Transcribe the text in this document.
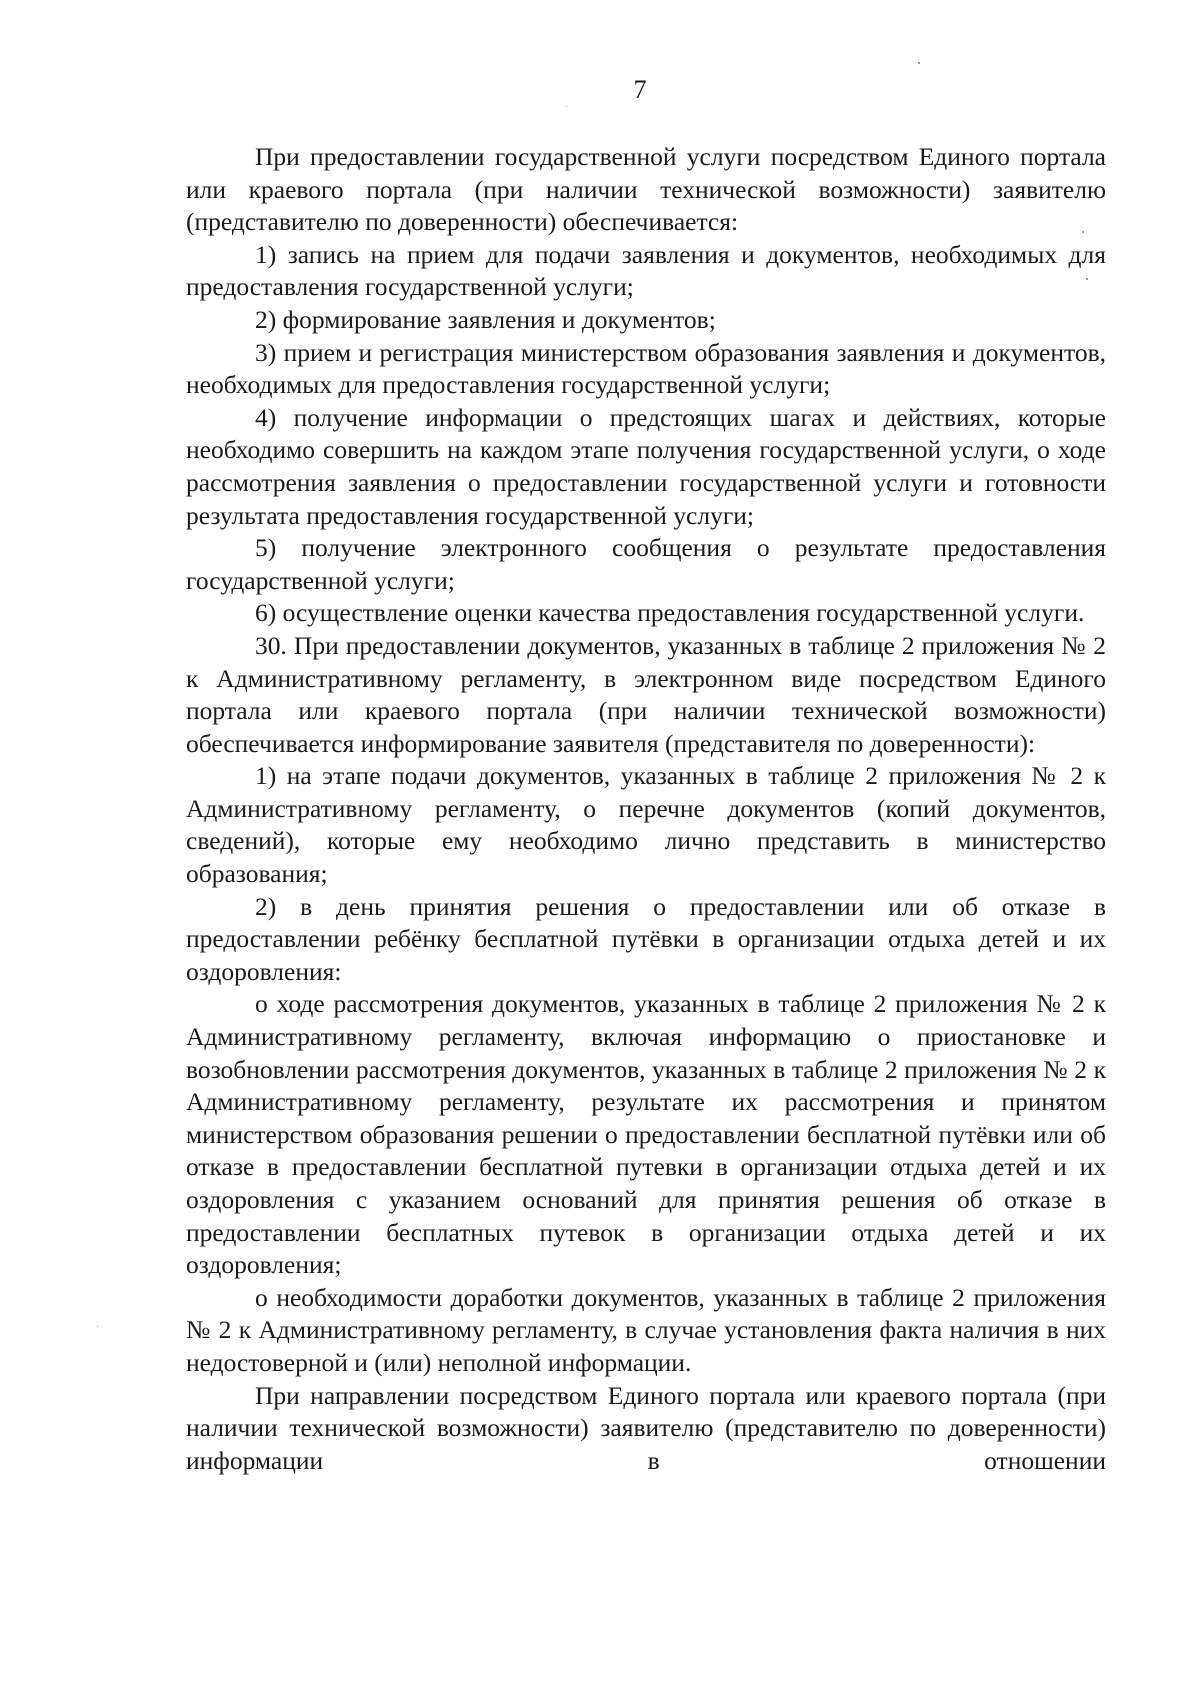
7

При предоставлении государственной услуги посредством Единого портала или краевого портала (при наличии технической возможности) заявителю (представителю по доверенности) обеспечивается:

1) запись на прием для подачи заявления и документов, необходимых для предоставления государственной услуги;

2) формирование заявления и документов;

3) прием и регистрация министерством образования заявления и документов, необходимых для предоставления государственной услуги;

4) получение информации о предстоящих шагах и действиях, которые необходимо совершить на каждом этапе получения государственной услуги, о ходе рассмотрения заявления о предоставлении государственной услуги и готовности результата предоставления государственной услуги;

5) получение электронного сообщения о результате предоставления государственной услуги;

6) осуществление оценки качества предоставления государственной услуги.

30. При предоставлении документов, указанных в таблице 2 приложения № 2 к Административному регламенту, в электронном виде посредством Единого портала или краевого портала (при наличии технической возможности) обеспечивается информирование заявителя (представителя по доверенности):

1) на этапе подачи документов, указанных в таблице 2 приложения № 2 к Административному регламенту, о перечне документов (копий документов, сведений), которые ему необходимо лично представить в министерство образования;

2) в день принятия решения о предоставлении или об отказе в предоставлении ребёнку бесплатной путёвки в организации отдыха детей и их оздоровления:

о ходе рассмотрения документов, указанных в таблице 2 приложения № 2 к Административному регламенту, включая информацию о приостановке и возобновлении рассмотрения документов, указанных в таблице 2 приложения № 2 к Административному регламенту, результате их рассмотрения и принятом министерством образования решении о предоставлении бесплатной путёвки или об отказе в предоставлении бесплатной путевки в организации отдыха детей и их оздоровления с указанием оснований для принятия решения об отказе в предоставлении бесплатных путевок в организации отдыха детей и их оздоровления;

о необходимости доработки документов, указанных в таблице 2 приложения № 2 к Административному регламенту, в случае установления факта наличия в них недостоверной и (или) неполной информации.

При направлении посредством Единого портала или краевого портала (при наличии технической возможности) заявителю (представителю по доверенности) информации в отношении
